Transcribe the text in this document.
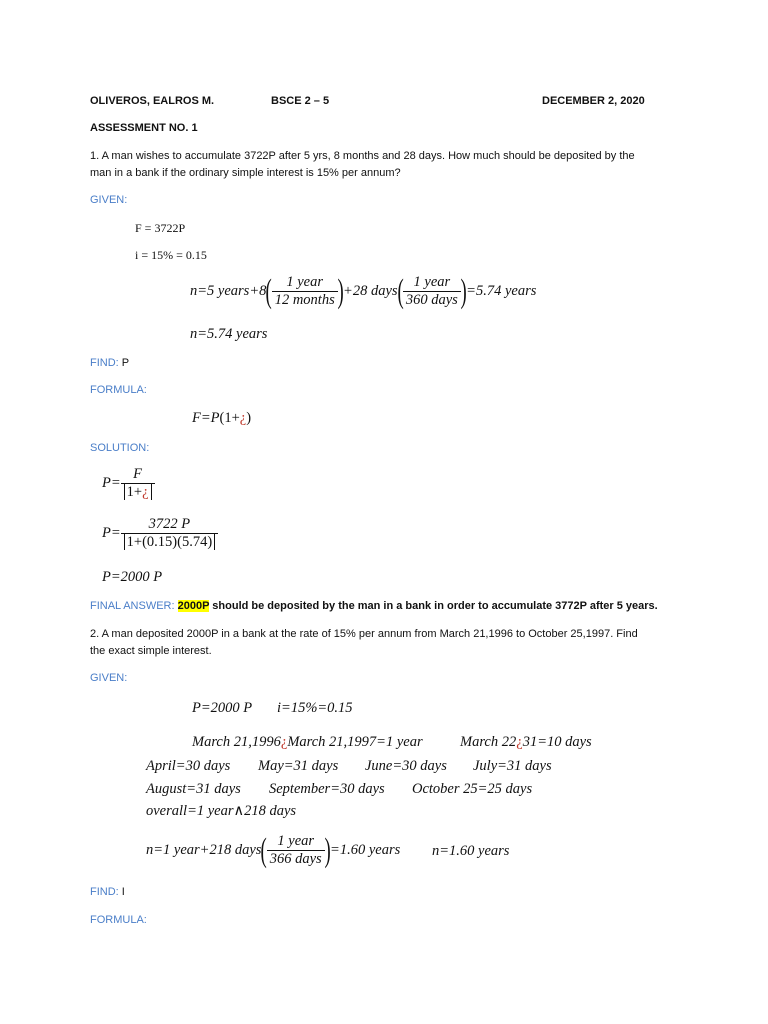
OLIVEROS, EALROS M.	BSCE 2 – 5	DECEMBER 2, 2020
ASSESSMENT NO. 1
1. A man wishes to accumulate 3722P after 5 yrs, 8 months and 28 days. How much should be deposited by the
man in a bank if the ordinary simple interest is 15% per annum?
GIVEN:
F = 3722P
i = 15% = 0.15
n=5 years+8( $\frac{\text{1 year}}{\text{12 months}} )+28$ days( $\frac{\text{1 year}}{\text{360 days}} )=5.74$ years
n=5.74 years
FIND: P
FORMULA:
F=P(1+¿)
SOLUTION:
$P= \frac{F}{1+¿}$
$P= \frac{3722 P}{1+(0.15)(5.74)}$
P=2000 P
FINAL ANSWER: 2000P should be deposited by the man in a bank in order to accumulate 3772P after 5 years.
2. A man deposited 2000P in a bank at the rate of 15% per annum from March 21,1996 to October 25,1997. Find
the exact simple interest.
GIVEN:
P=2000 P i=15%=0.15
March 21,1996¿March 21,1997=1 year	March 22¿31=10 days
April=30 days May=31 days June=30 days July=31 days
August=31 days September=30 days October 25=25 days
overall=1 year∧218 days
n=1 year+218 days( $\frac{\text{1 year}}{\text{366 days}} )=1.60$ years n=1.60 years
FIND: I
FORMULA:
